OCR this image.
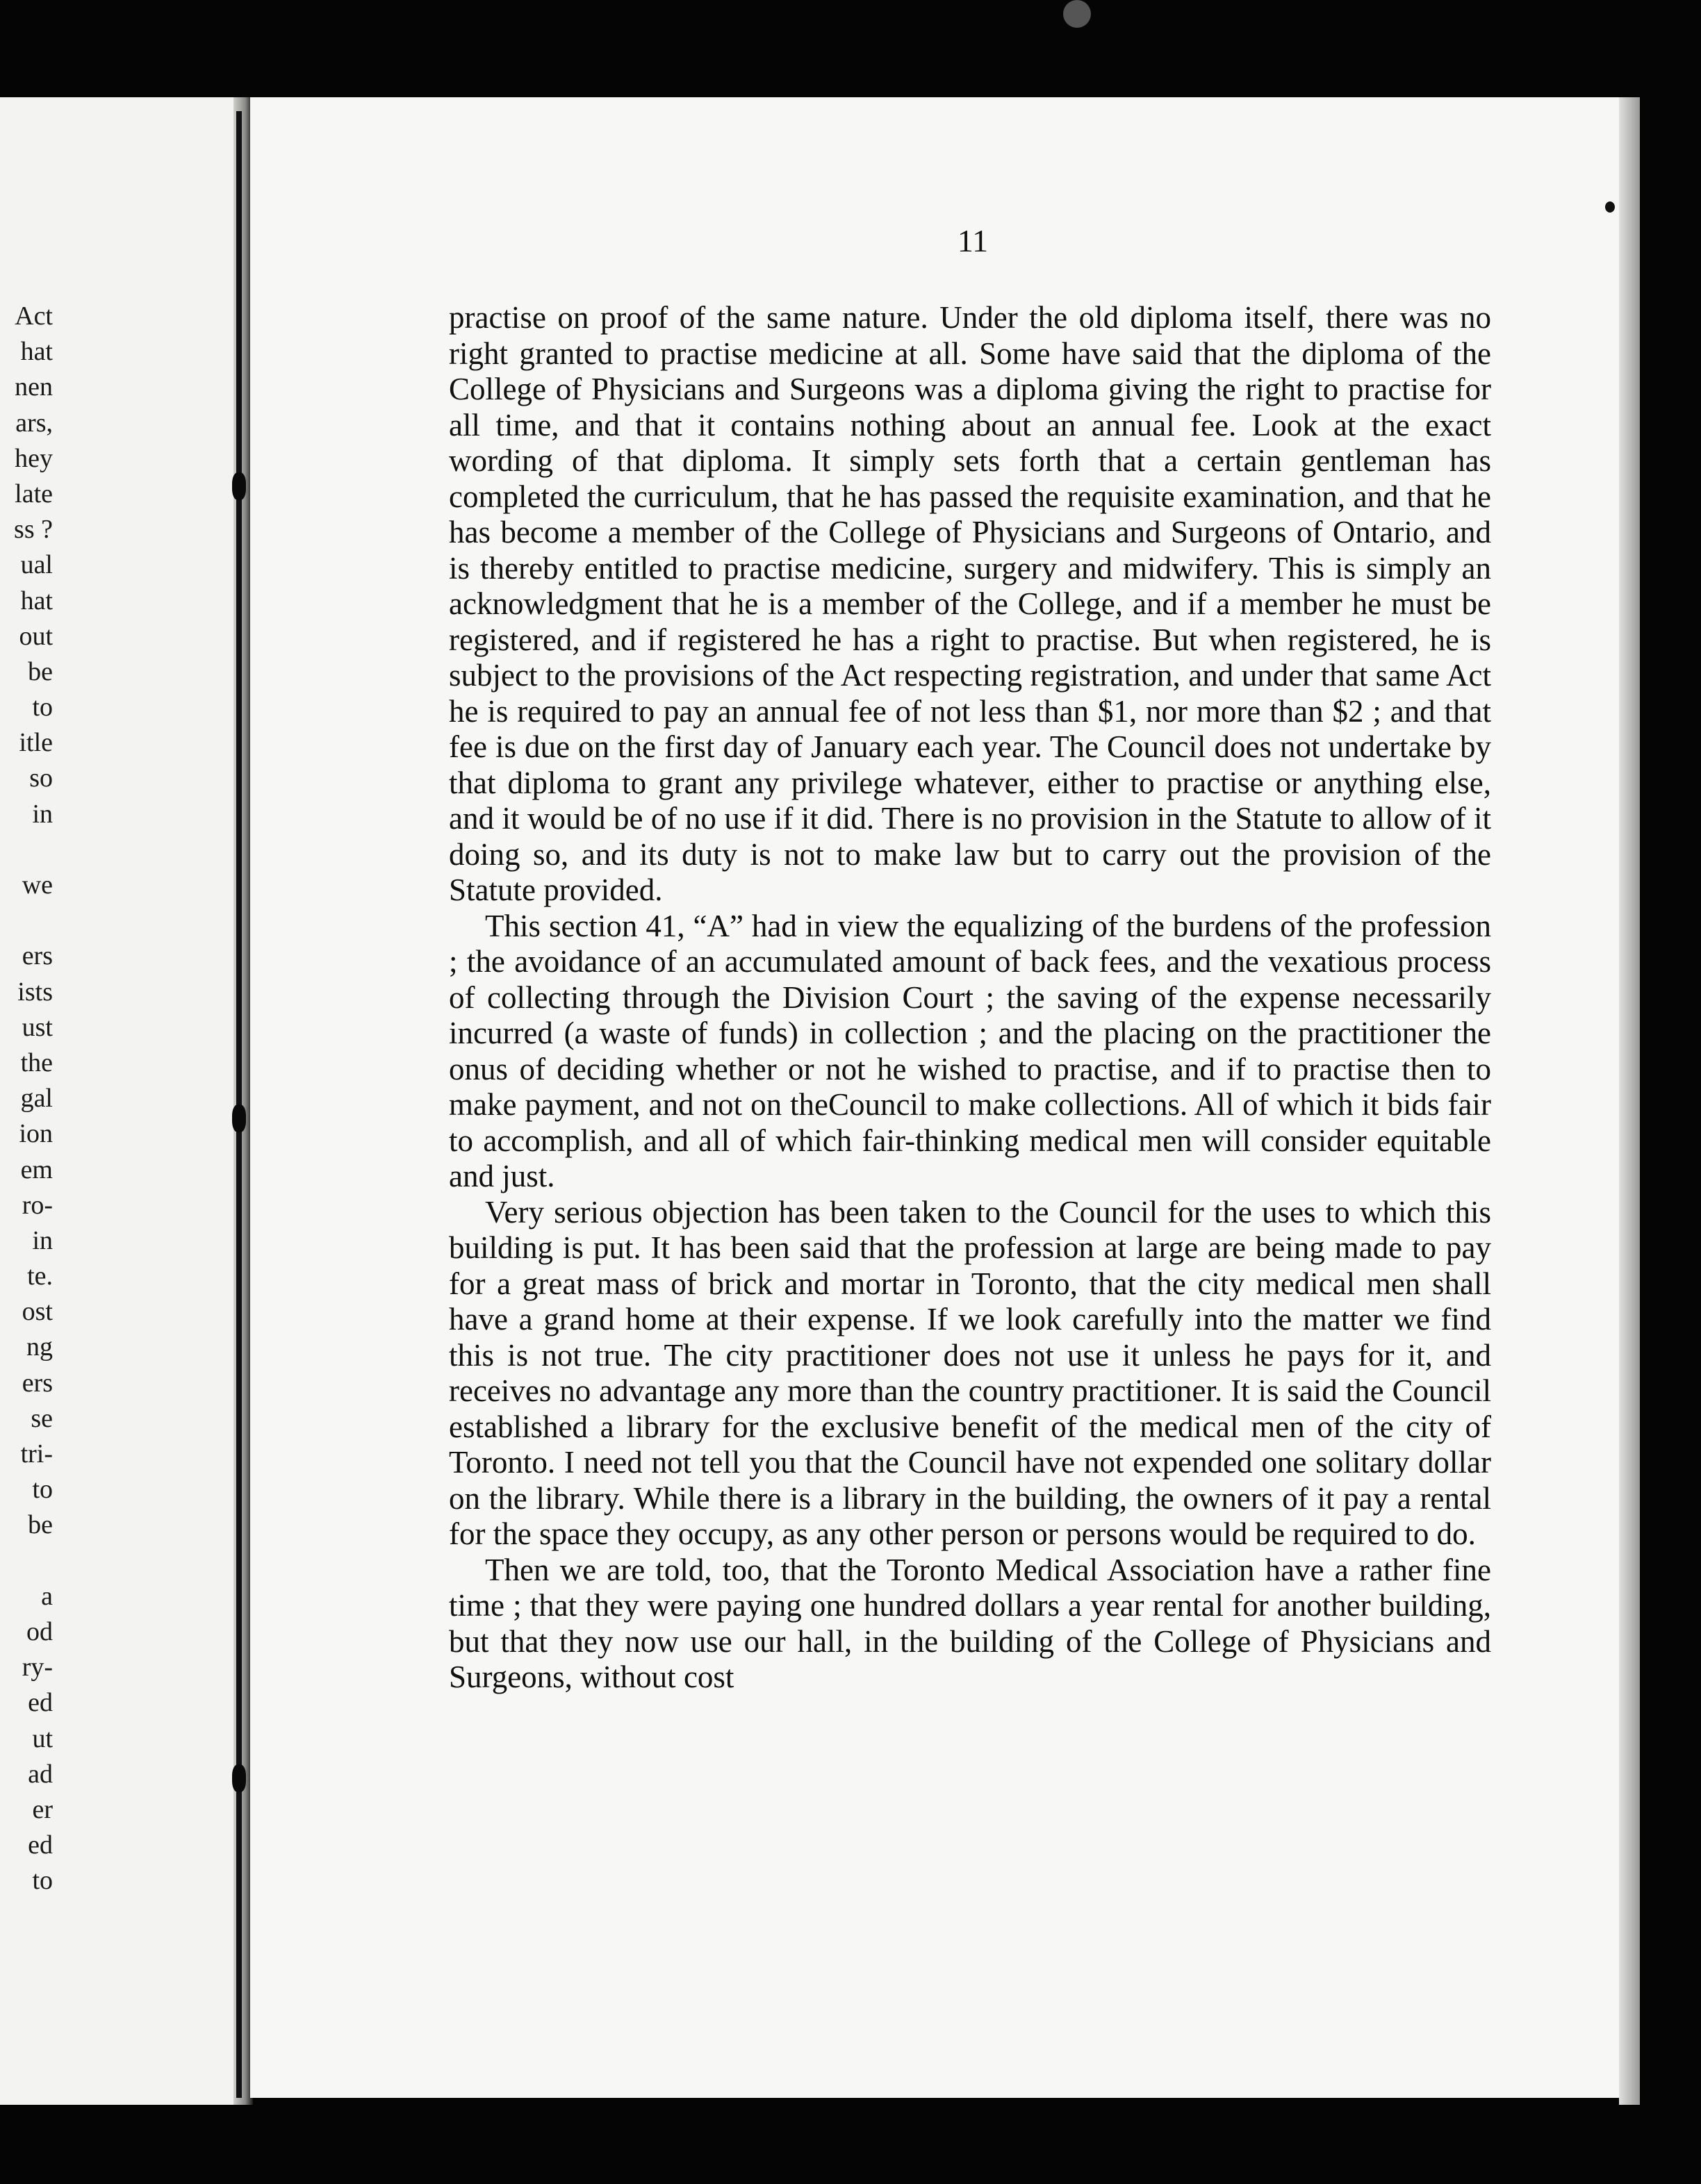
Act
hat
nen
ars,
hey
late
ss ?
ual
hat
out
be
to
itle
so
in
we
ers
ists
ust
the
gal
ion
em
ro-
in
te.
ost
ng
ers
se
tri-
to
be
a
od
ry-
ed
ut
ad
er
ed
to
11

practise on proof of the same nature. Under the old diploma itself, there was no right granted to practise medicine at all. Some have said that the diploma of the College of Physicians and Surgeons was a diploma giving the right to practise for all time, and that it contains nothing about an annual fee. Look at the exact wording of that diploma. It simply sets forth that a certain gentleman has completed the curriculum, that he has passed the requisite examination, and that he has become a member of the College of Physicians and Surgeons of Ontario, and is thereby entitled to practise medicine, surgery and midwifery. This is simply an acknowledgment that he is a member of the College, and if a member he must be registered, and if registered he has a right to practise. But when registered, he is subject to the provisions of the Act respecting registration, and under that same Act he is required to pay an annual fee of not less than $1, nor more than $2 ; and that fee is due on the first day of January each year. The Council does not undertake by that diploma to grant any privilege whatever, either to practise or anything else, and it would be of no use if it did. There is no provision in the Statute to allow of it doing so, and its duty is not to make law but to carry out the provision of the Statute provided.

This section 41, “A” had in view the equalizing of the burdens of the profession ; the avoidance of an accumulated amount of back fees, and the vexatious process of collecting through the Division Court ; the saving of the expense necessarily incurred (a waste of funds) in collection ; and the placing on the practitioner the onus of deciding whether or not he wished to practise, and if to practise then to make payment, and not on theCouncil to make collections. All of which it bids fair to accomplish, and all of which fair-thinking medical men will consider equitable and just.

Very serious objection has been taken to the Council for the uses to which this building is put. It has been said that the profession at large are being made to pay for a great mass of brick and mortar in Toronto, that the city medical men shall have a grand home at their expense. If we look carefully into the matter we find this is not true. The city practitioner does not use it unless he pays for it, and receives no advantage any more than the country practitioner. It is said the Council established a library for the exclusive benefit of the medical men of the city of Toronto. I need not tell you that the Council have not expended one solitary dollar on the library. While there is a library in the building, the owners of it pay a rental for the space they occupy, as any other person or persons would be required to do.

Then we are told, too, that the Toronto Medical Association have a rather fine time ; that they were paying one hundred dollars a year rental for another building, but that they now use our hall, in the building of the College of Physicians and Surgeons, without cost
